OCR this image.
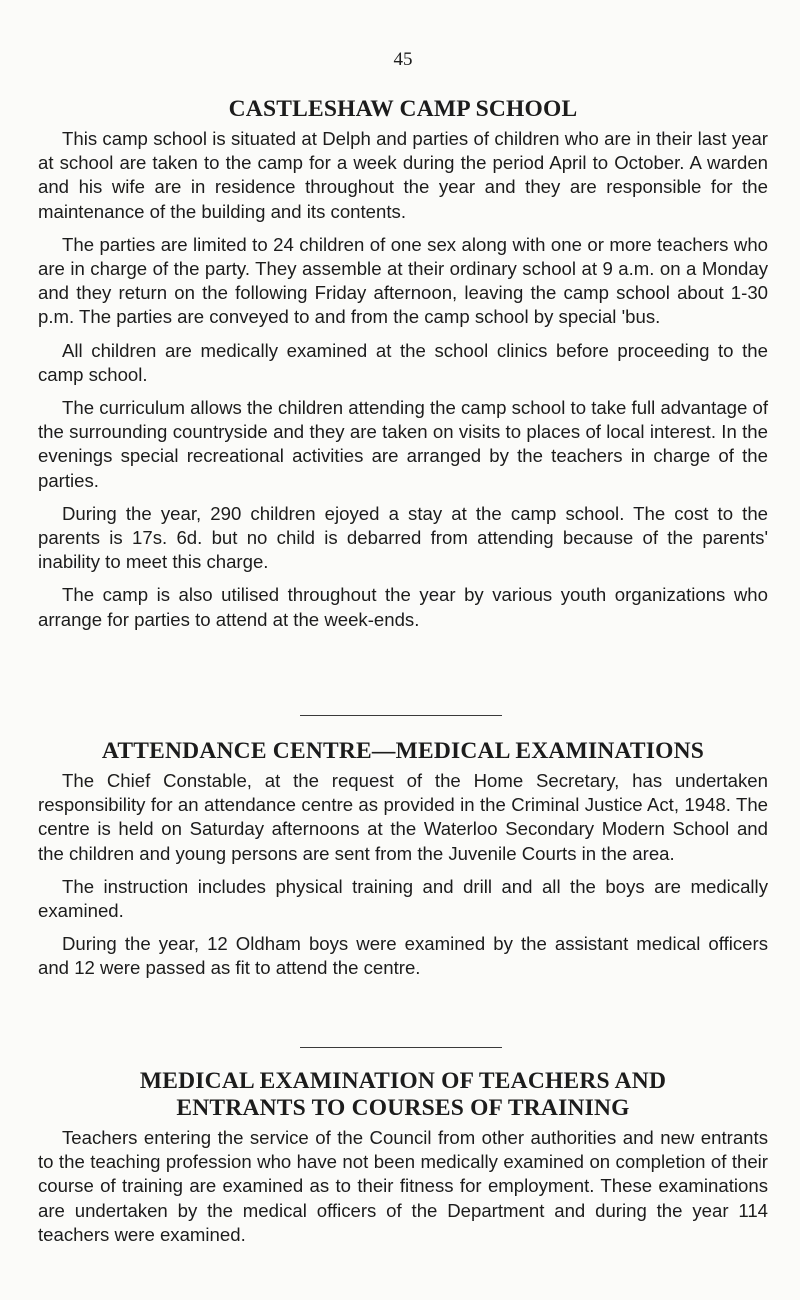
45
CASTLESHAW CAMP SCHOOL

This camp school is situated at Delph and parties of children who are in their last year at school are taken to the camp for a week during the period April to October. A warden and his wife are in residence throughout the year and they are responsible for the maintenance of the building and its contents.

The parties are limited to 24 children of one sex along with one or more teachers who are in charge of the party. They assemble at their ordinary school at 9 a.m. on a Monday and they return on the following Friday afternoon, leaving the camp school about 1-30 p.m. The parties are conveyed to and from the camp school by special 'bus.

All children are medically examined at the school clinics before proceeding to the camp school.

The curriculum allows the children attending the camp school to take full advantage of the surrounding countryside and they are taken on visits to places of local interest. In the evenings special recreational activities are arranged by the teachers in charge of the parties.

During the year, 290 children ejoyed a stay at the camp school. The cost to the parents is 17s. 6d. but no child is debarred from attending because of the parents' inability to meet this charge.

The camp is also utilised throughout the year by various youth organizations who arrange for parties to attend at the week-ends.

ATTENDANCE CENTRE—MEDICAL EXAMINATIONS

The Chief Constable, at the request of the Home Secretary, has undertaken responsibility for an attendance centre as provided in the Criminal Justice Act, 1948. The centre is held on Saturday afternoons at the Waterloo Secondary Modern School and the children and young persons are sent from the Juvenile Courts in the area.

The instruction includes physical training and drill and all the boys are medically examined.

During the year, 12 Oldham boys were examined by the assistant medical officers and 12 were passed as fit to attend the centre.

MEDICAL EXAMINATION OF TEACHERS AND
ENTRANTS TO COURSES OF TRAINING

Teachers entering the service of the Council from other authorities and new entrants to the teaching profession who have not been medically examined on completion of their course of training are examined as to their fitness for employment. These examinations are undertaken by the medical officers of the Department and during the year 114 teachers were examined.
